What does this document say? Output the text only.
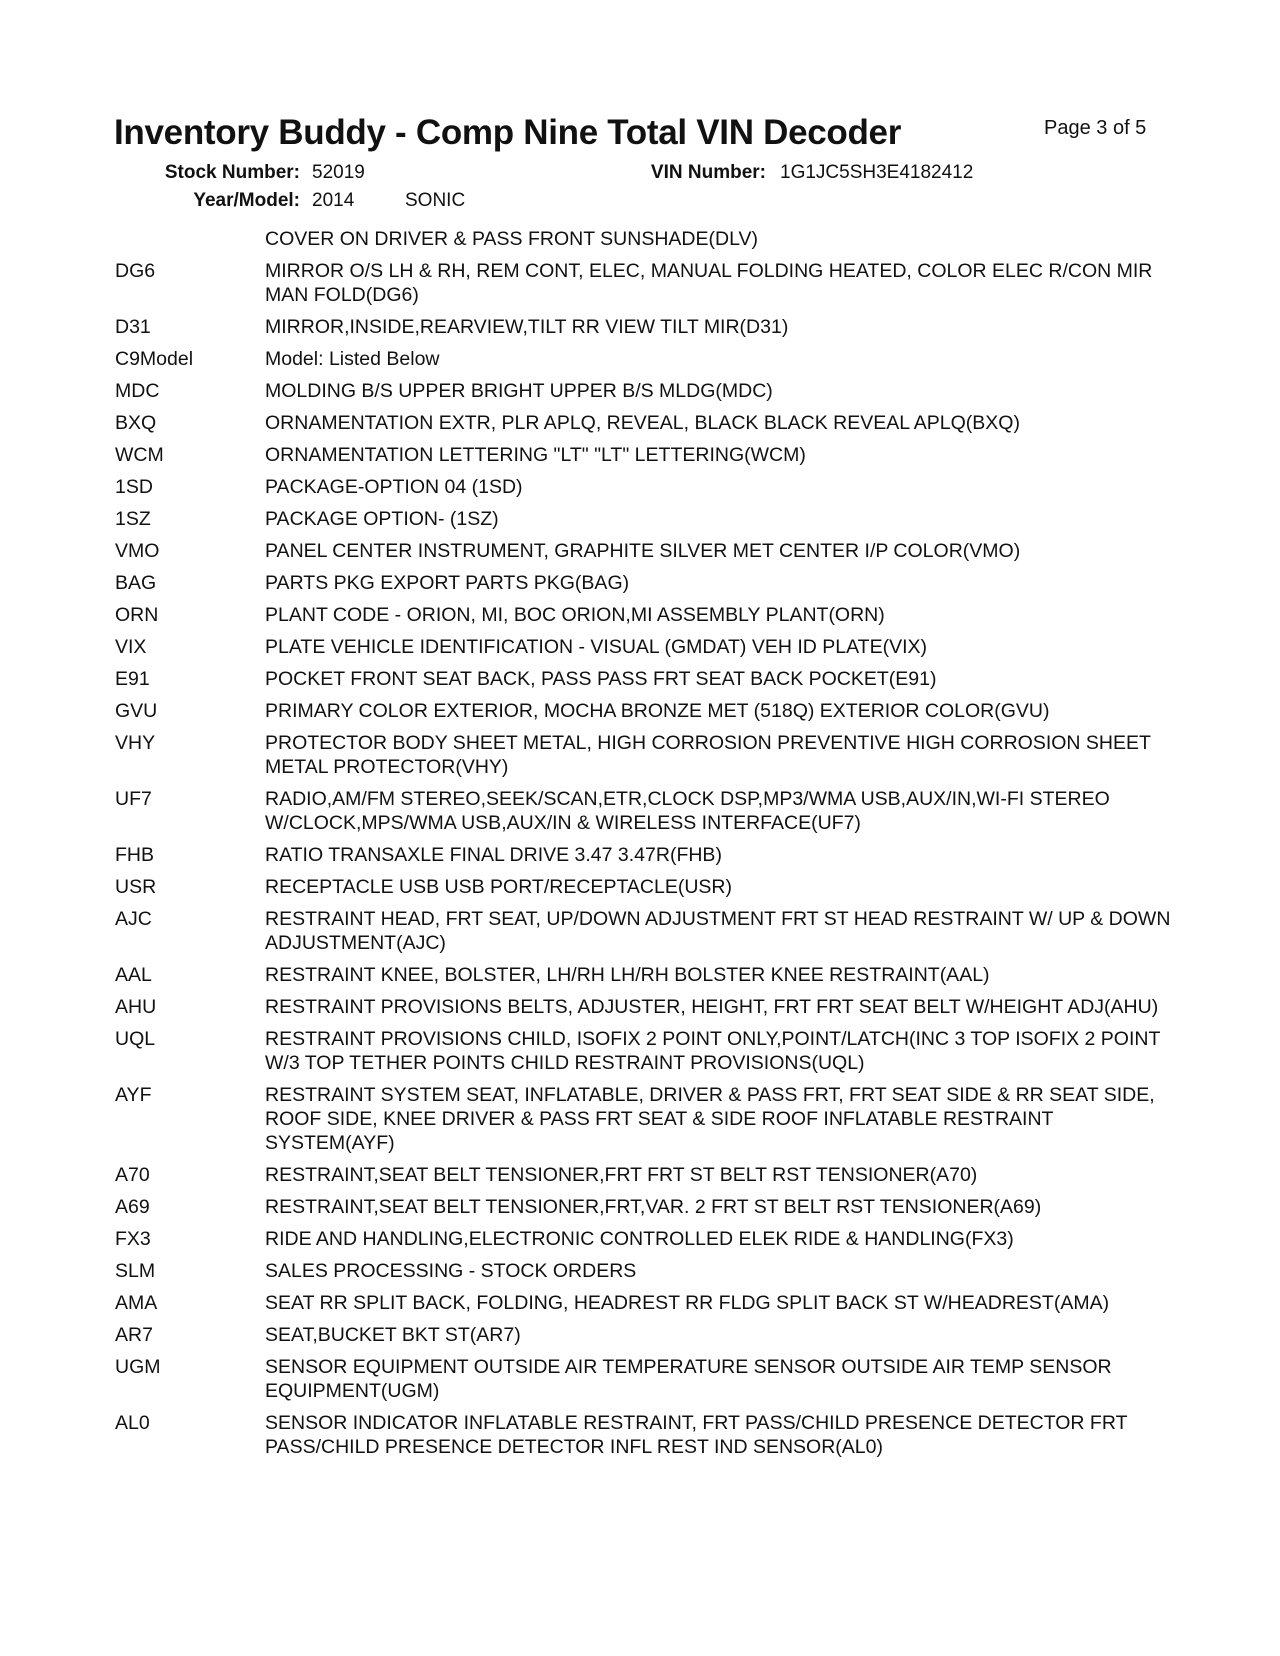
Inventory Buddy - Comp Nine Total VIN Decoder	Page 3 of 5
Stock Number: 52019	VIN Number: 1G1JC5SH3E4182412
Year/Model: 2014	SONIC
COVER ON DRIVER & PASS FRONT SUNSHADE(DLV)
DG6	MIRROR O/S LH & RH, REM CONT, ELEC, MANUAL FOLDING HEATED, COLOR ELEC R/CON MIR MAN FOLD(DG6)
D31	MIRROR,INSIDE,REARVIEW,TILT RR VIEW TILT MIR(D31)
C9Model	Model: Listed Below
MDC	MOLDING B/S UPPER BRIGHT UPPER B/S MLDG(MDC)
BXQ	ORNAMENTATION EXTR, PLR APLQ, REVEAL, BLACK BLACK REVEAL APLQ(BXQ)
WCM	ORNAMENTATION LETTERING "LT" "LT" LETTERING(WCM)
1SD	PACKAGE-OPTION 04 (1SD)
1SZ	PACKAGE OPTION- (1SZ)
VMO	PANEL CENTER INSTRUMENT, GRAPHITE SILVER MET CENTER I/P COLOR(VMO)
BAG	PARTS PKG EXPORT PARTS PKG(BAG)
ORN	PLANT CODE - ORION, MI, BOC ORION,MI ASSEMBLY PLANT(ORN)
VIX	PLATE VEHICLE IDENTIFICATION - VISUAL (GMDAT) VEH ID PLATE(VIX)
E91	POCKET FRONT SEAT BACK, PASS PASS FRT SEAT BACK POCKET(E91)
GVU	PRIMARY COLOR EXTERIOR, MOCHA BRONZE MET (518Q) EXTERIOR COLOR(GVU)
VHY	PROTECTOR BODY SHEET METAL, HIGH CORROSION PREVENTIVE HIGH CORROSION SHEET METAL PROTECTOR(VHY)
UF7	RADIO,AM/FM STEREO,SEEK/SCAN,ETR,CLOCK DSP,MP3/WMA USB,AUX/IN,WI-FI STEREO W/CLOCK,MPS/WMA USB,AUX/IN & WIRELESS INTERFACE(UF7)
FHB	RATIO TRANSAXLE FINAL DRIVE 3.47 3.47R(FHB)
USR	RECEPTACLE USB USB PORT/RECEPTACLE(USR)
AJC	RESTRAINT HEAD, FRT SEAT, UP/DOWN ADJUSTMENT FRT ST HEAD RESTRAINT W/ UP & DOWN ADJUSTMENT(AJC)
AAL	RESTRAINT KNEE, BOLSTER, LH/RH LH/RH BOLSTER KNEE RESTRAINT(AAL)
AHU	RESTRAINT PROVISIONS BELTS, ADJUSTER, HEIGHT, FRT FRT SEAT BELT W/HEIGHT ADJ(AHU)
UQL	RESTRAINT PROVISIONS CHILD, ISOFIX 2 POINT ONLY,POINT/LATCH(INC 3 TOP ISOFIX 2 POINT W/3 TOP TETHER POINTS CHILD RESTRAINT PROVISIONS(UQL)
AYF	RESTRAINT SYSTEM SEAT, INFLATABLE, DRIVER & PASS FRT, FRT SEAT SIDE & RR SEAT SIDE, ROOF SIDE, KNEE DRIVER & PASS FRT SEAT & SIDE ROOF INFLATABLE RESTRAINT SYSTEM(AYF)
A70	RESTRAINT,SEAT BELT TENSIONER,FRT FRT ST BELT RST TENSIONER(A70)
A69	RESTRAINT,SEAT BELT TENSIONER,FRT,VAR. 2 FRT ST BELT RST TENSIONER(A69)
FX3	RIDE AND HANDLING,ELECTRONIC CONTROLLED ELEK RIDE & HANDLING(FX3)
SLM	SALES PROCESSING - STOCK ORDERS
AMA	SEAT RR SPLIT BACK, FOLDING, HEADREST RR FLDG SPLIT BACK ST W/HEADREST(AMA)
AR7	SEAT,BUCKET BKT ST(AR7)
UGM	SENSOR EQUIPMENT OUTSIDE AIR TEMPERATURE SENSOR OUTSIDE AIR TEMP SENSOR EQUIPMENT(UGM)
AL0	SENSOR INDICATOR INFLATABLE RESTRAINT, FRT PASS/CHILD PRESENCE DETECTOR FRT PASS/CHILD PRESENCE DETECTOR INFL REST IND SENSOR(AL0)
